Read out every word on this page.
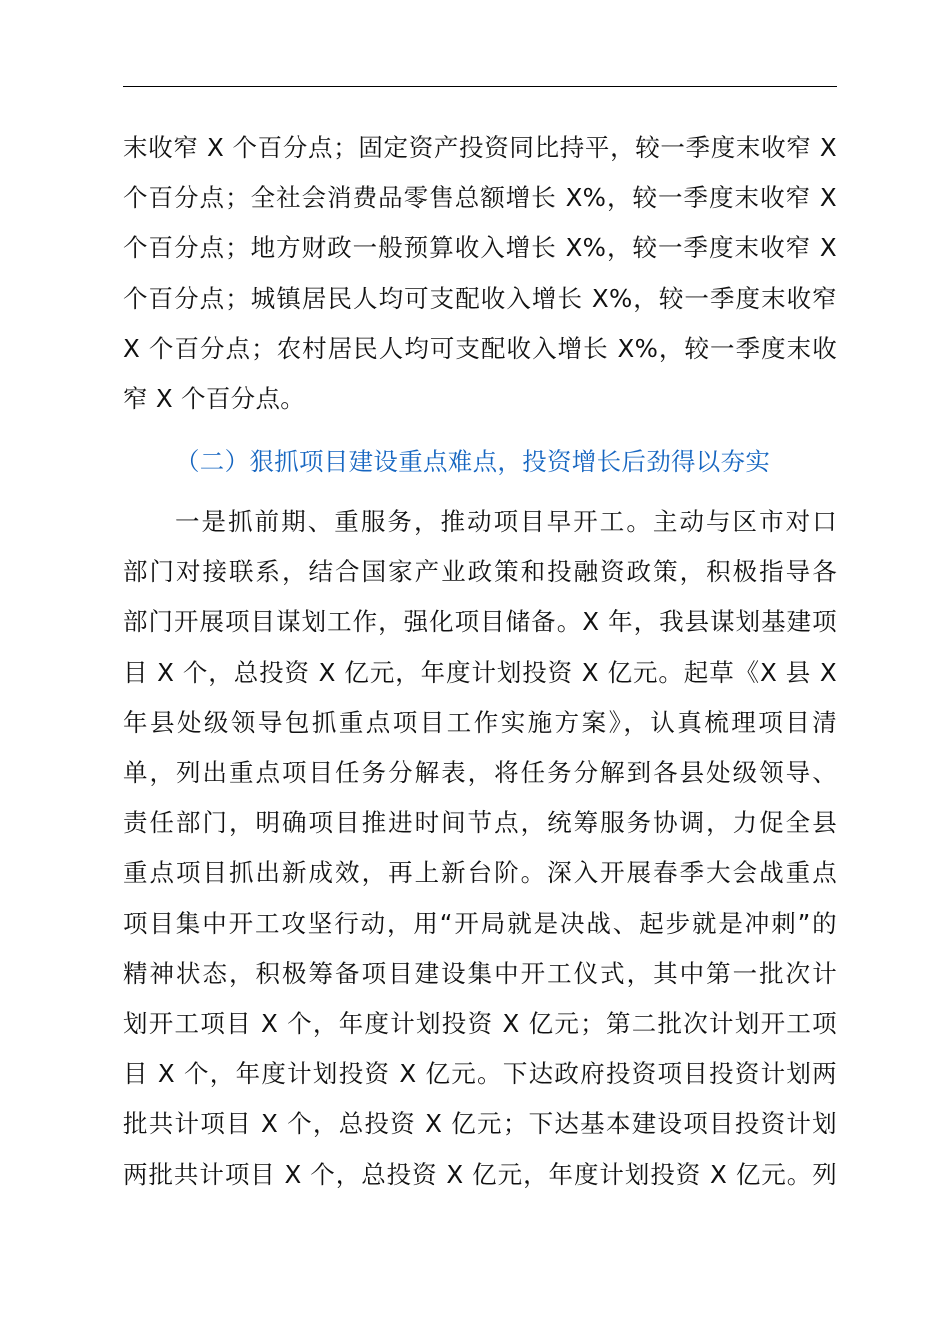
末收窄 X 个百分点；固定资产投资同比持平，较一季度末收窄 X
个百分点；全社会消费品零售总额增长 X%，较一季度末收窄 X
个百分点；地方财政一般预算收入增长 X%，较一季度末收窄 X
个百分点；城镇居民人均可支配收入增长 X%，较一季度末收窄
X 个百分点；农村居民人均可支配收入增长 X%，较一季度末收
窄 X 个百分点。
（二）狠抓项目建设重点难点，投资增长后劲得以夯实
一是抓前期、重服务，推动项目早开工。主动与区市对口
部门对接联系，结合国家产业政策和投融资政策，积极指导各
部门开展项目谋划工作，强化项目储备。X 年，我县谋划基建项
目 X 个，总投资 X 亿元，年度计划投资 X 亿元。起草《X 县 X
年县处级领导包抓重点项目工作实施方案》，认真梳理项目清
单，列出重点项目任务分解表，将任务分解到各县处级领导、
责任部门，明确项目推进时间节点，统筹服务协调，力促全县
重点项目抓出新成效，再上新台阶。深入开展春季大会战重点
项目集中开工攻坚行动，用“开局就是决战、起步就是冲刺”的
精神状态，积极筹备项目建设集中开工仪式，其中第一批次计
划开工项目 X 个，年度计划投资 X 亿元；第二批次计划开工项
目 X 个，年度计划投资 X 亿元。下达政府投资项目投资计划两
批共计项目 X 个，总投资 X 亿元；下达基本建设项目投资计划
两批共计项目 X 个，总投资 X 亿元，年度计划投资 X 亿元。列
